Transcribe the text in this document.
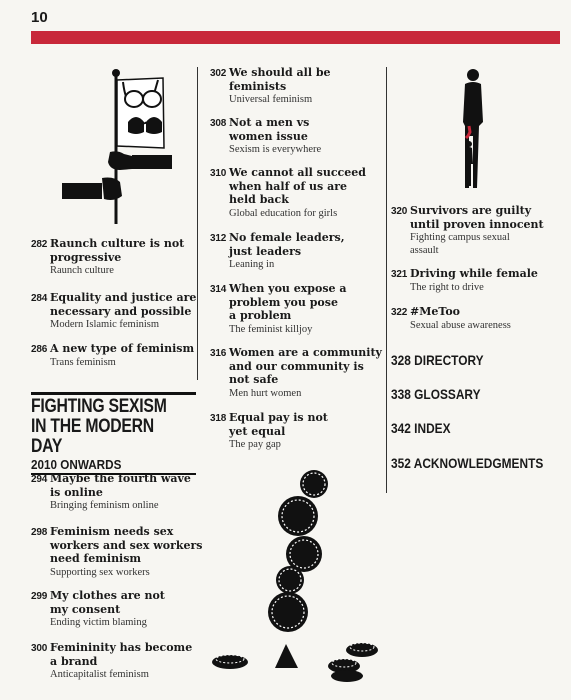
10
282 Raunch culture is not
progressive
Raunch culture
284 Equality and justice are
necessary and possible
Modern Islamic feminism
286 A new type of feminism
Trans feminism
FIGHTING SEXISM
IN THE MODERN DAY
2010 ONWARDS
294 Maybe the fourth wave
is online
Bringing feminism online
298 Feminism needs sex
workers and sex workers
need feminism
Supporting sex workers
299 My clothes are not
my consent
Ending victim blaming
300 Femininity has become
a brand
Anticapitalist feminism
302 We should all be
feminists
Universal feminism
308 Not a men vs
women issue
Sexism is everywhere
310 We cannot all succeed
when half of us are
held back
Global education for girls
312 No female leaders,
just leaders
Leaning in
314 When you expose a
problem you pose
a problem
The feminist killjoy
316 Women are a community
and our community is
not safe
Men hurt women
318 Equal pay is not
yet equal
The pay gap
320 Survivors are guilty
until proven innocent
Fighting campus sexual
assault
321 Driving while female
The right to drive
322 #MeToo
Sexual abuse awareness
328 DIRECTORY
338 GLOSSARY
342 INDEX
352 ACKNOWLEDGMENTS
